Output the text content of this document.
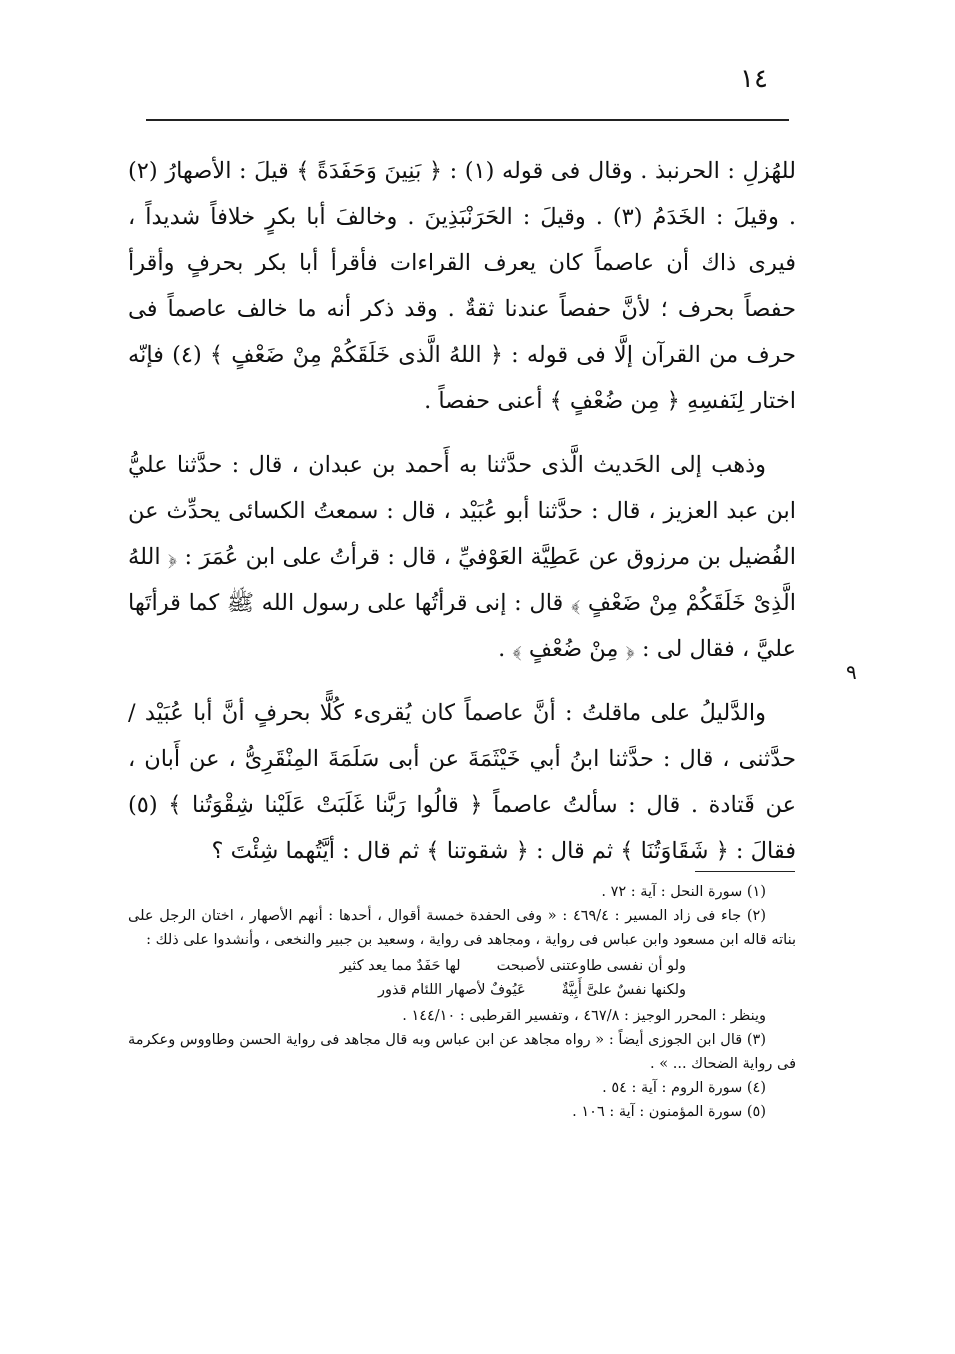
١٤

للهُزلِ : الحرنبذ . وقال فى قوله (١) : ﴿ بَنِينَ وَحَفَدَةً ﴾ قيلَ : الأصهارُ (٢) . وقيلَ : الخَدَمُ (٣) . وقيلَ : الحَرَنْبَذِينَ . وخالفَ أبا بكرٍ خلافاً شديداً ، فيرى ذاك أن عاصماً كان يعرف القراءات فأقرأ أبا بكر بحرفٍ وأقرأ حفصاً بحرف ؛ لأنَّ حفصاً عندنا ثقةٌ . وقد ذكر أنه ما خالف عاصماً فى حرف من القرآن إلَّا فى قوله : ﴿ اللهُ الَّذى خَلَقَكُمْ مِنْ ضَعْفٍ ﴾ (٤) فإنّه اختار لِنَفسِهِ ﴿ مِن ضُعْفٍ ﴾ أعنى حفصاً .

وذهب إلى الحَديث الَّذى حدَّثنا به أَحمد بن عبدان ، قال : حدَّثنا عليُّ ابن عبد العزيز ، قال : حدَّثنا أبو عُبَيْد ، قال : سمعتُ الكسائى يحدِّث عن الفُضيل بن مرزوق عن عَطِيَّة العَوْفيِّ ، قال : قرأتُ على ابن عُمَرَ : ﴿ اللهُ الَّذِىْ خَلَقَكُمْ مِنْ ضَعْفٍ ﴾ قال : إنى قرأتُها على رسول الله ﷺ كما قرأتَها عليَّ ، فقال لى : ﴿ مِنْ ضُعْفٍ ﴾ .

والدَّليلُ على ماقلتُ : أنَّ عاصماً كان يُقرىء كُلًّا بحرفٍ أنَّ أبا عُبَيْد / حدَّثنى ، قال : حدَّثنا ابنُ أبي خَيْثَمَةَ عن أبى سَلَمَةَ المِنْقَرِىُّ ، عن أَبان ، عن قَتادة . قال : سألتُ عاصماً ﴿ قالُوا رَبَّنا غَلَبَتْ عَلَيْنا شِقْوَتُنا ﴾ (٥) فقالَ : ﴿ شَقَاوَتُنَا ﴾ ثم قال : ﴿ شقوتنا ﴾ ثم قال : أيَّتُهما شِئْتَ ؟

٩

(١) سورة النحل : آية : ٧٢ .

(٢) جاء فى زاد المسير : ٤٦٩/٤ : « وفى الحفدة خمسة أقوال ، أحدها : أنهم الأصهار ، اختان الرجل على بناته قاله ابن مسعود وابن عباس فى رواية ، ومجاهد فى رواية ، وسعيد بن جبير والنخعى ، وأنشدوا على ذلك :

ولو أن نفسى طاوعتنى لأصبحت
لها حَفَدٌ مما يعد كثير
ولكنها نفسٌ علىَّ أَبِيَّةٌ
عَيُوفٌ لأصهار اللئام قذور

وينظر : المحرر الوجيز : ٤٦٧/٨ ، وتفسير القرطبى : ١٤٤/١٠ .

(٣) قال ابن الجوزى أيضاً : « رواه مجاهد عن ابن عباس وبه قال مجاهد فى رواية الحسن وطاووس وعكرمة فى رواية الضحاك ... » .

(٤) سورة الروم : آية : ٥٤ .

(٥) سورة المؤمنون : آية : ١٠٦ .
